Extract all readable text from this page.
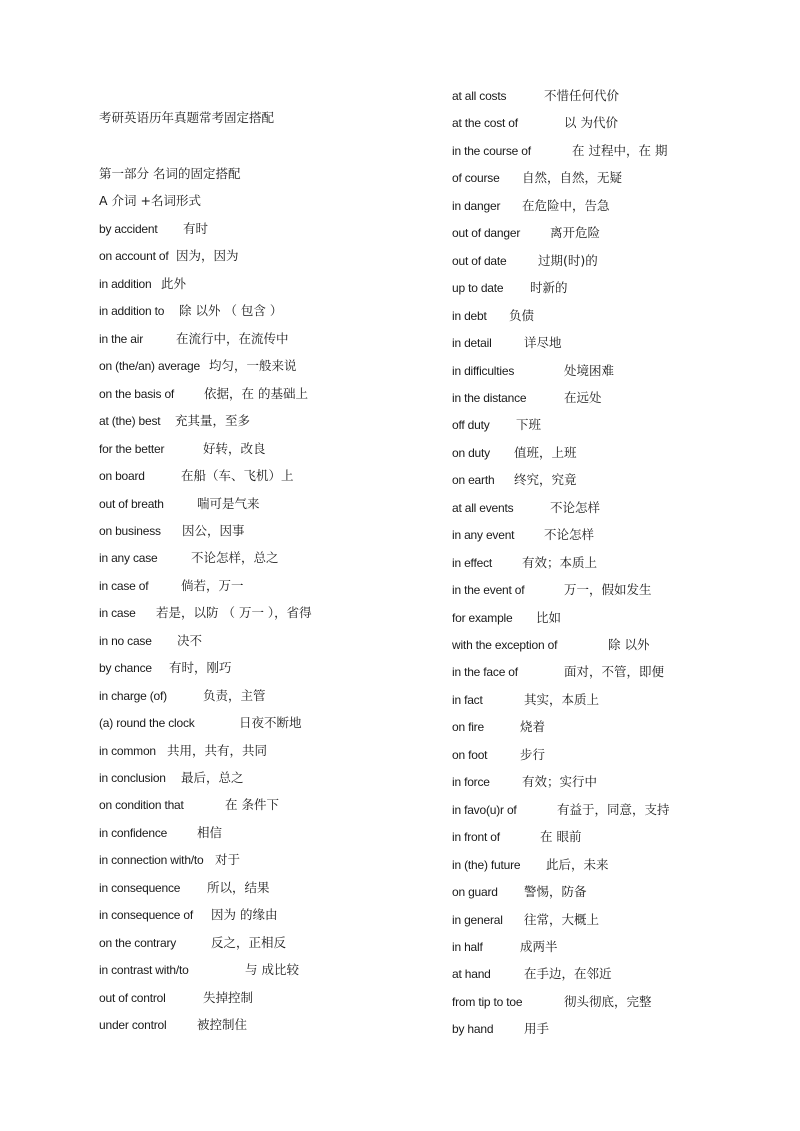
考研英语历年真题常考固定搭配
第一部分 名词的固定搭配
A 介词 +名词形式
by accident 有时
on account of 因为，因为
in addition 此外
in addition to 除 以外 （ 包含 ）
in the air	在流行中，在流传中
on (the/an) average 均匀，一般来说
on the basis of 依据，在 的基础上
at (the) best 充其量，至多
for the better	好转，改良
on board	在船（车、飞机）上
out of breath	喘可是气来
on business 因公，因事
in any case	不论怎样，总之
in case of	倘若，万一
in case 若是，以防 （ 万一 ），省得
in no case 决不
by chance 有时，刚巧
in charge (of)	负责，主管
(a) round the clock	日夜不断地
in common 共用，共有，共同
in conclusion 最后，总之
on condition that	在 条件下
in confidence 相信
in connection with/to 对于
in consequence 所以，结果
in consequence of 因为 的缘由
on the contrary	反之，正相反
in contrast with/to	与 成比较
out of control	失掉控制
under control 被控制住
at all costs	不惜任何代价
at the cost of	以 为代价
in the course of	在 过程中，在 期
of course 自然，自然，无疑
in danger 在危险中，告急
out of danger 离开危险
out of date	过期(时)的
up to date 时新的
in debt 负债
in detail	详尽地
in difficulties	处境困难
in the distance	在远处
off duty 下班
on duty 值班，上班
on earth 终究，究竟
at all events	不论怎样
in any event 不论怎样
in effect 有效；本质上
in the event of	万一，假如发生
for example 比如
with the exception of	除 以外
in the face of	面对，不管，即便
in fact	其实，本质上
on fire	烧着
on foot	步行
in force	有效；实行中
in favo(u)r of	有益于，同意，支持
in front of	在 眼前
in (the) future 此后，未来
on guard 警惕，防备
in general 往常，大概上
in half	成两半
at hand	在手边，在邻近
from tip to toe	彻头彻底，完整
by hand 用手
